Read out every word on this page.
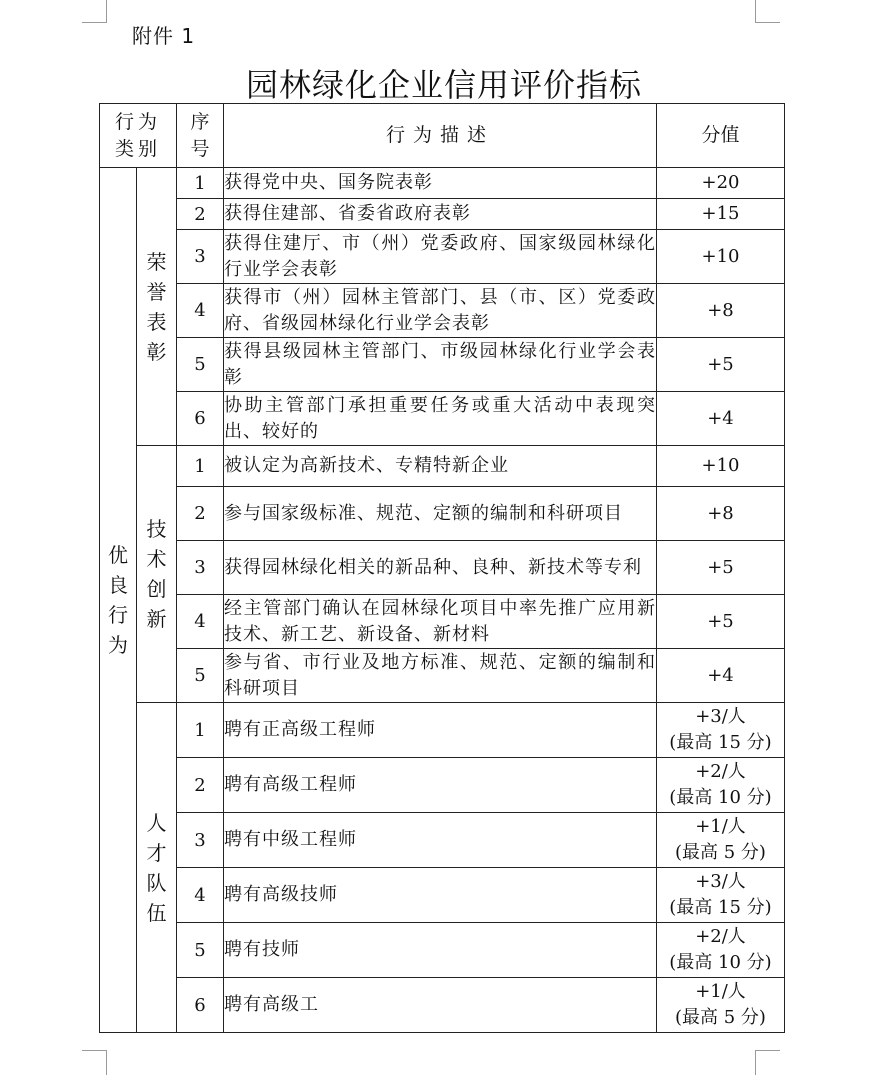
附件 1
园林绿化企业信用评价指标
行为类别		序号	行为描述	分值
优良行为	荣誉表彰	1	获得党中央、国务院表彰	+20

		2	获得住建部、省委省政府表彰	+15

		3	获得住建厅、市（州）党委政府、国家级园林绿化行业学会表彰	+10

		4	获得市（州）园林主管部门、县（市、区）党委政府、省级园林绿化行业学会表彰	+8

		5	获得县级园林主管部门、市级园林绿化行业学会表彰	+5

		6	协助主管部门承担重要任务或重大活动中表现突出、较好的	+4

	技术创新	1	被认定为高新技术、专精特新企业	+10

		2	参与国家级标准、规范、定额的编制和科研项目	+8

		3	获得园林绿化相关的新品种、良种、新技术等专利	+5

		4	经主管部门确认在园林绿化项目中率先推广应用新技术、新工艺、新设备、新材料	+5

		5	参与省、市行业及地方标准、规范、定额的编制和科研项目	+4

	人才队伍	1	聘有正高级工程师	+3/人
(最高 15 分)

		2	聘有高级工程师	+2/人
(最高 10 分)

		3	聘有中级工程师	+1/人
(最高 5 分)

		4	聘有高级技师	+3/人
(最高 15 分)

		5	聘有技师	+2/人
(最高 10 分)

		6	聘有高级工	+1/人
(最高 5 分)
